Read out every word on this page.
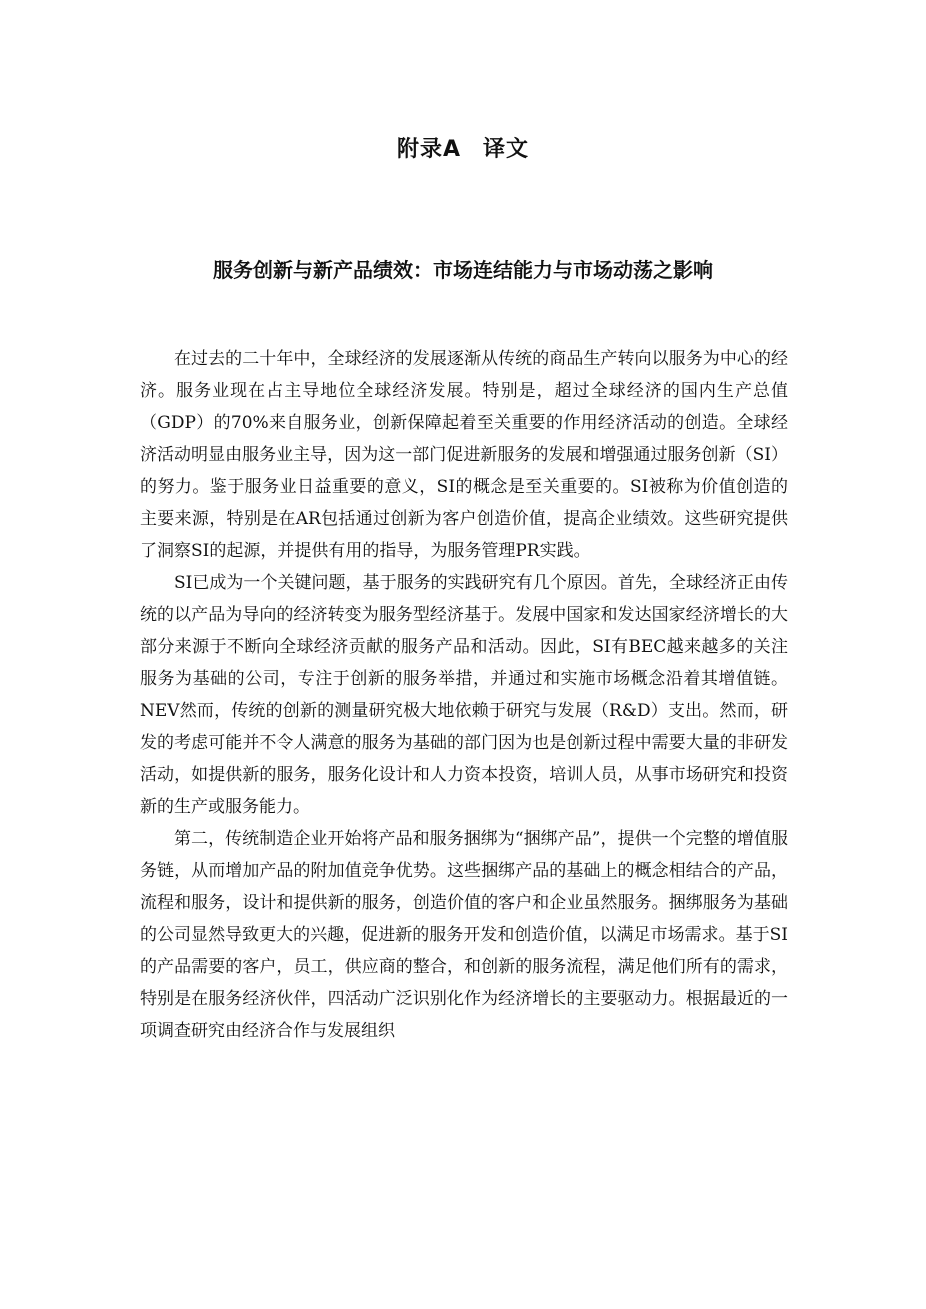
附录A 译文
服务创新与新产品绩效：市场连结能力与市场动荡之影响

在过去的二十年中，全球经济的发展逐渐从传统的商品生产转向以服务为中心的经济。服务业现在占主导地位全球经济发展。特别是，超过全球经济的国内生产总值（GDP）的70%来自服务业，创新保障起着至关重要的作用经济活动的创造。全球经济活动明显由服务业主导，因为这一部门促进新服务的发展和增强通过服务创新（SI）的努力。鉴于服务业日益重要的意义，SI的概念是至关重要的。SI被称为价值创造的主要来源，特别是在AR包括通过创新为客户创造价值，提高企业绩效。这些研究提供了洞察SI的起源，并提供有用的指导，为服务管理PR实践。

SI已成为一个关键问题，基于服务的实践研究有几个原因。首先，全球经济正由传统的以产品为导向的经济转变为服务型经济基于。发展中国家和发达国家经济增长的大部分来源于不断向全球经济贡献的服务产品和活动。因此，SI有BEC越来越多的关注服务为基础的公司，专注于创新的服务举措，并通过和实施市场概念沿着其增值链。NEV然而，传统的创新的测量研究极大地依赖于研究与发展（R&D）支出。然而，研发的考虑可能并不令人满意的服务为基础的部门因为也是创新过程中需要大量的非研发活动，如提供新的服务，服务化设计和人力资本投资，培训人员，从事市场研究和投资新的生产或服务能力。

第二，传统制造企业开始将产品和服务捆绑为“捆绑产品”，提供一个完整的增值服务链，从而增加产品的附加值竞争优势。这些捆绑产品的基础上的概念相结合的产品，流程和服务，设计和提供新的服务，创造价值的客户和企业虽然服务。捆绑服务为基础的公司显然导致更大的兴趣，促进新的服务开发和创造价值，以满足市场需求。基于SI的产品需要的客户，员工，供应商的整合，和创新的服务流程，满足他们所有的需求，特别是在服务经济伙伴，四活动广泛识别化作为经济增长的主要驱动力。根据最近的一项调查研究由经济合作与发展组织
